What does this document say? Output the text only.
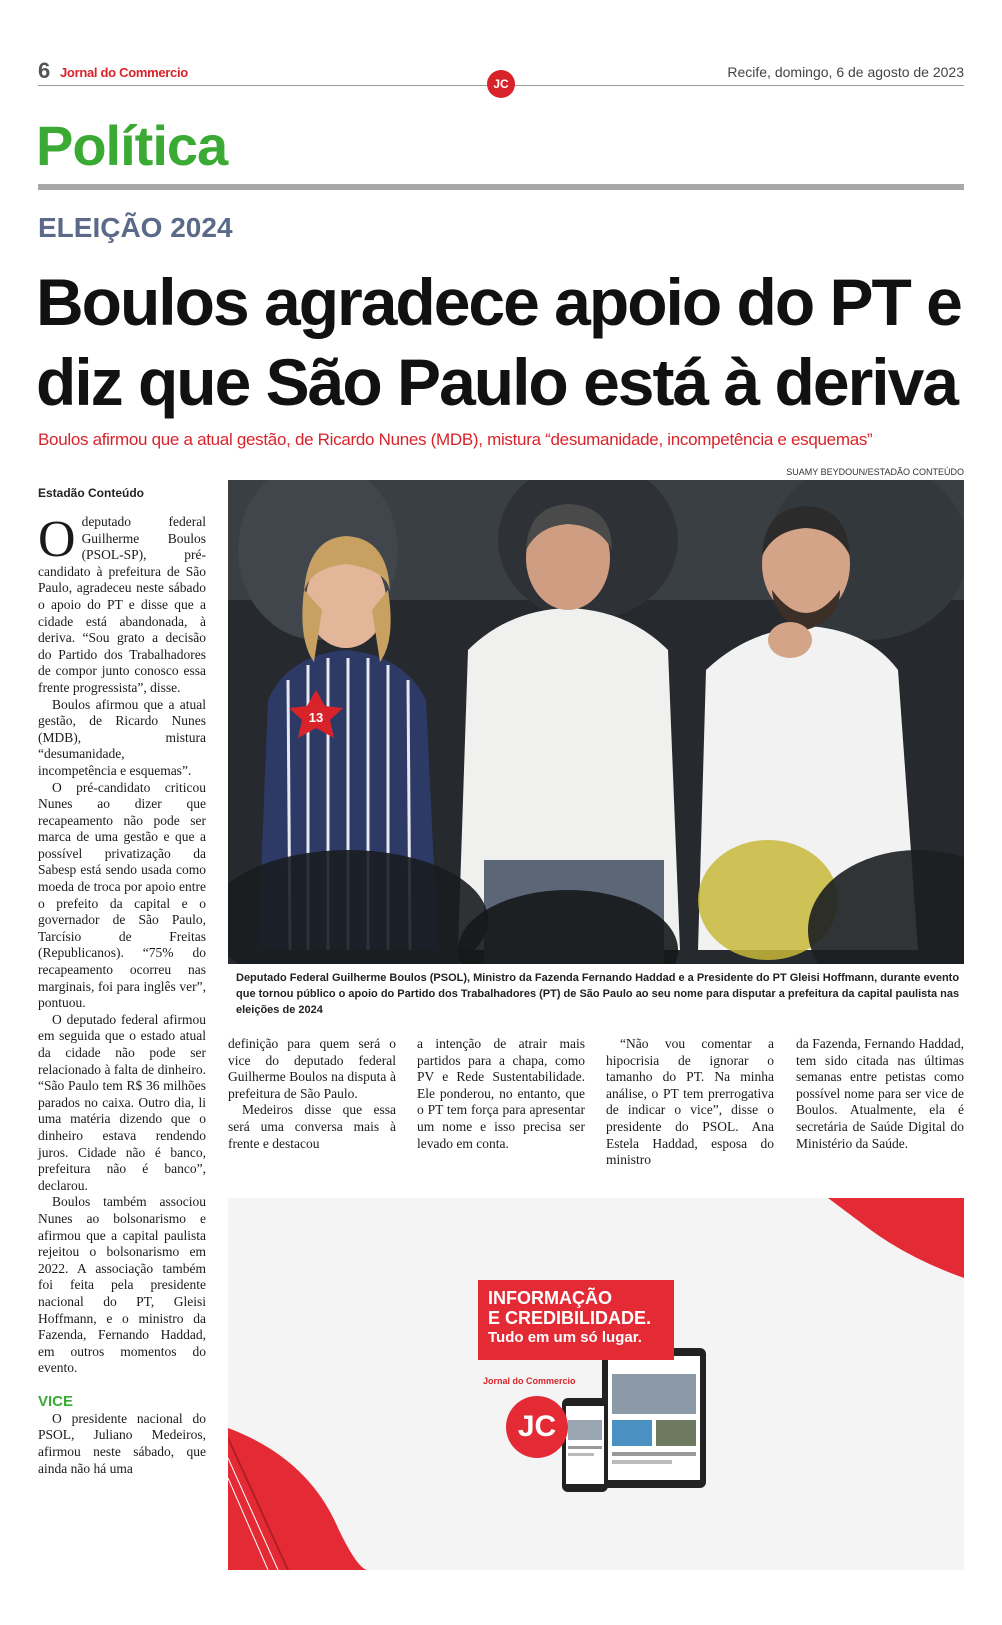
6 Jornal do Commercio
JC
Recife, domingo, 6 de agosto de 2023
Política
ELEIÇÃO 2024
Boulos agradece apoio do PT e diz que São Paulo está à deriva
Boulos afirmou que a atual gestão, de Ricardo Nunes (MDB), mistura “desumanidade, incompetência e esquemas”
Estadão Conteúdo

Odeputado federal Guilherme Boulos (PSOL-SP), pré-candidato à prefeitura de São Paulo, agradeceu neste sábado o apoio do PT e disse que a cidade está abandonada, à deriva. “Sou grato a decisão do Partido dos Trabalhadores de compor junto conosco essa frente progressista”, disse.

Boulos afirmou que a atual gestão, de Ricardo Nunes (MDB), mistura “desumanidade, incompetência e esquemas”.

O pré-candidato criticou Nunes ao dizer que recapeamento não pode ser marca de uma gestão e que a possível privatização da Sabesp está sendo usada como moeda de troca por apoio entre o prefeito da capital e o governador de São Paulo, Tarcísio de Freitas (Republicanos). “75% do recapeamento ocorreu nas marginais, foi para inglês ver”, pontuou.

O deputado federal afirmou em seguida que o estado atual da cidade não pode ser relacionado à falta de dinheiro. “São Paulo tem R$ 36 milhões parados no caixa. Outro dia, li uma matéria dizendo que o dinheiro estava rendendo juros. Cidade não é banco, prefeitura não é banco”, declarou.

Boulos também associou Nunes ao bolsonarismo e afirmou que a capital paulista rejeitou o bolsonarismo em 2022. A associação também foi feita pela presidente nacional do PT, Gleisi Hoffmann, e o ministro da Fazenda, Fernando Haddad, em outros momentos do evento.

VICE

O presidente nacional do PSOL, Juliano Medeiros, afirmou neste sábado, que ainda não há uma

SUAMY BEYDOUN/ESTADÃO CONTEÚDO
13
Deputado Federal Guilherme Boulos (PSOL), Ministro da Fazenda Fernando Haddad e a Presidente do PT Gleisi Hoffmann, durante evento que tornou público o apoio do Partido dos Trabalhadores (PT) de São Paulo ao seu nome para disputar a prefeitura da capital paulista nas eleições de 2024

definição para quem será o vice do deputado federal Guilherme Boulos na disputa à prefeitura de São Paulo.

Medeiros disse que essa será uma conversa mais à frente e destacou

a intenção de atrair mais partidos para a chapa, como PV e Rede Sustentabilidade. Ele ponderou, no entanto, que o PT tem força para apresentar um nome e isso precisa ser levado em conta.

“Não vou comentar a hipocrisia de ignorar o tamanho do PT. Na minha análise, o PT tem prerrogativa de indicar o vice”, disse o presidente do PSOL. Ana Estela Haddad, esposa do ministro

da Fazenda, Fernando Haddad, tem sido citada nas últimas semanas entre petistas como possível nome para ser vice de Boulos. Atualmente, ela é secretária de Saúde Digital do Ministério da Saúde.

INFORMAÇÃO
E CREDIBILIDADE.
Tudo em um só lugar.
Jornal do Commercio
JC
